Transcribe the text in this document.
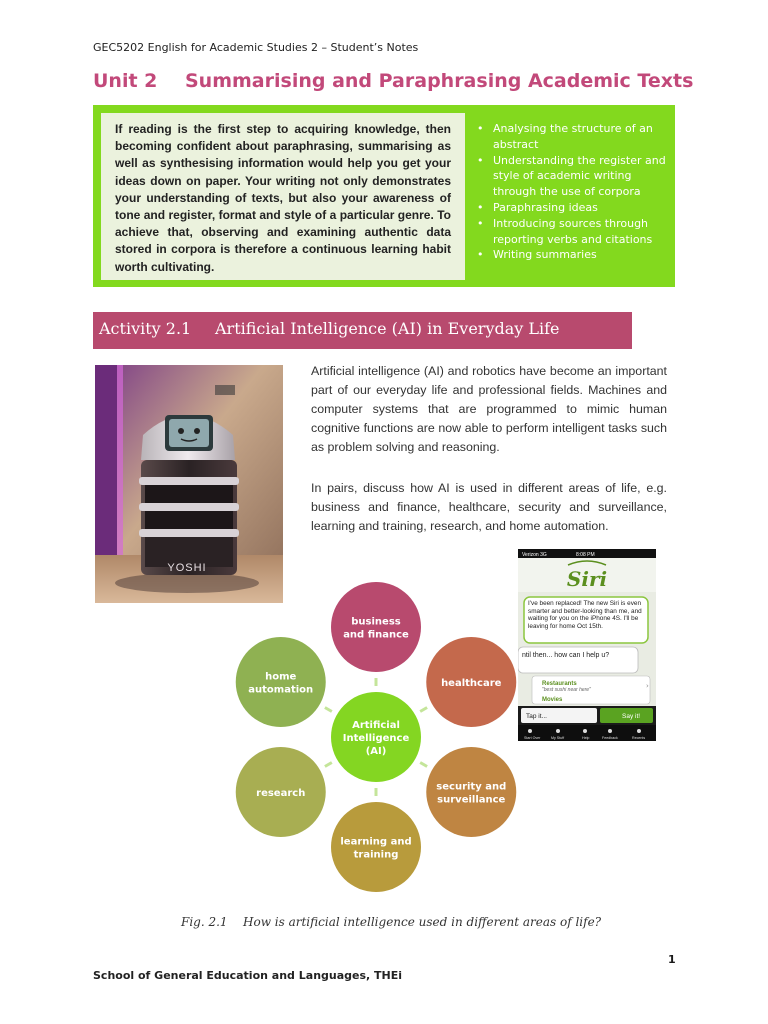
GEC5202 English for Academic Studies 2 – Student’s Notes
Unit 2 Summarising and Paraphrasing Academic Texts

If reading is the first step to acquiring knowledge, then becoming confident about paraphrasing, summarising as well as synthesising information would help you get your ideas down on paper. Your writing not only demonstrates your understanding of texts, but also your awareness of tone and register, format and style of a particular genre. To achieve that, observing and examining authentic data stored in corpora is therefore a continuous learning habit worth cultivating.

• Analysing the structure of an abstract
• Understanding the register and style of academic writing through the use of corpora
• Paraphrasing ideas
• Introducing sources through reporting verbs and citations
• Writing summaries
Activity 2.1 Artificial Intelligence (AI) in Everyday Life
YOSHI

Artificial intelligence (AI) and robotics have become an important part of our everyday life and professional fields. Machines and computer systems that are programmed to mimic human cognitive functions are now able to perform intelligent tasks such as problem solving and reasoning.

In pairs, discuss how AI is used in different areas of life, e.g. business and finance, healthcare, security and surveillance, learning and training, research, and home automation.

Verizon 3G	8:08 PM
Siri
I've been replaced! The new Siri is even smarter and better-looking than me, and waiting for you on the iPhone 4S. I'll be leaving for home Oct 15th.
ntil then... how can I help u?
Restaurants
"best sushi near here"
Movies
›
Tap it...	Say it!
Start Over	My Stuff	Help	Feedback	Recents
business
and finance
healthcare
security and
surveillance
learning and
training
research
home
automation
Artificial
Intelligence
(AI)
Fig. 2.1 How is artificial intelligence used in different areas of life?
1
School of General Education and Languages, THEi
